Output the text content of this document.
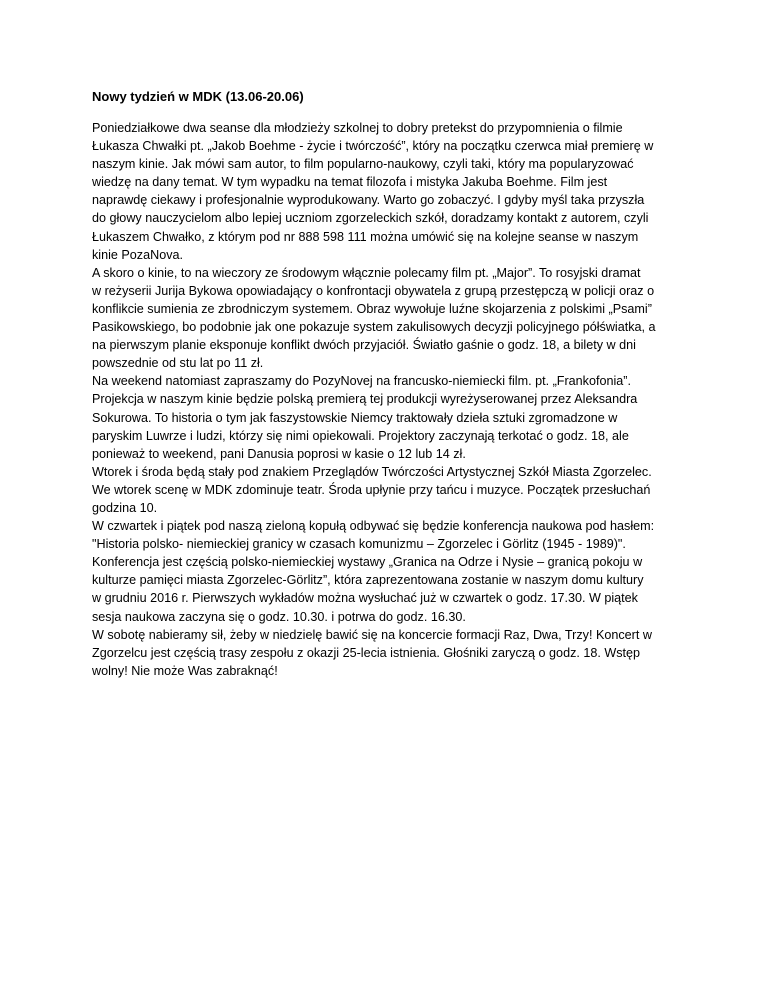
Nowy tydzień w MDK (13.06-20.06)
Poniedziałkowe dwa seanse dla młodzieży szkolnej to dobry pretekst do przypomnienia o filmie
Łukasza Chwałki pt. „Jakob Boehme - życie i twórczość”, który na początku czerwca miał premierę w
naszym kinie. Jak mówi sam autor, to film popularno-naukowy, czyli taki, który ma popularyzować
wiedzę na dany temat. W tym wypadku na temat filozofa i mistyka Jakuba Boehme. Film jest
naprawdę ciekawy i profesjonalnie wyprodukowany. Warto go zobaczyć. I gdyby myśl taka przyszła
do głowy nauczycielom albo lepiej uczniom zgorzeleckich szkół, doradzamy kontakt z autorem, czyli
Łukaszem Chwałko, z którym pod nr 888 598 111 można umówić się na kolejne seanse w naszym
kinie PozaNova.
A skoro o kinie, to na wieczory ze środowym włącznie polecamy film pt. „Major”. To rosyjski dramat
w reżyserii Jurija Bykowa opowiadający o konfrontacji obywatela z grupą przestępczą w policji oraz o
konflikcie sumienia ze zbrodniczym systemem. Obraz wywołuje luźne skojarzenia z polskimi „Psami”
Pasikowskiego, bo podobnie jak one pokazuje system zakulisowych decyzji policyjnego półświatka, a
na pierwszym planie eksponuje konflikt dwóch przyjaciół. Światło gaśnie o godz. 18, a bilety w dni
powszednie od stu lat po 11 zł.
Na weekend natomiast zapraszamy do PozyNovej na francusko-niemiecki film. pt. „Frankofonia”.
Projekcja w naszym kinie będzie polską premierą tej produkcji wyreżyserowanej przez Aleksandra
Sokurowa. To historia o tym jak faszystowskie Niemcy traktowały dzieła sztuki zgromadzone w
paryskim Luwrze i ludzi, którzy się nimi opiekowali. Projektory zaczynają terkotać o godz. 18, ale
ponieważ to weekend, pani Danusia poprosi w kasie o 12 lub 14 zł.
Wtorek i środa będą stały pod znakiem Przeglądów Twórczości Artystycznej Szkół Miasta Zgorzelec.
We wtorek scenę w MDK zdominuje teatr. Środa upłynie przy tańcu i muzyce. Początek przesłuchań
godzina 10.
W czwartek i piątek pod naszą zieloną kopułą odbywać się będzie konferencja naukowa pod hasłem:
"Historia polsko- niemieckiej granicy w czasach komunizmu – Zgorzelec i Görlitz (1945 - 1989)".
Konferencja jest częścią polsko-niemieckiej wystawy „Granica na Odrze i Nysie – granicą pokoju w
kulturze pamięci miasta Zgorzelec-Görlitz”, która zaprezentowana zostanie w naszym domu kultury
w grudniu 2016 r. Pierwszych wykładów można wysłuchać już w czwartek o godz. 17.30. W piątek
sesja naukowa zaczyna się o godz. 10.30. i potrwa do godz. 16.30.
W sobotę nabieramy sił, żeby w niedzielę bawić się na koncercie formacji Raz, Dwa, Trzy! Koncert w
Zgorzelcu jest częścią trasy zespołu z okazji 25-lecia istnienia. Głośniki zaryczą o godz. 18. Wstęp
wolny! Nie może Was zabraknąć!
